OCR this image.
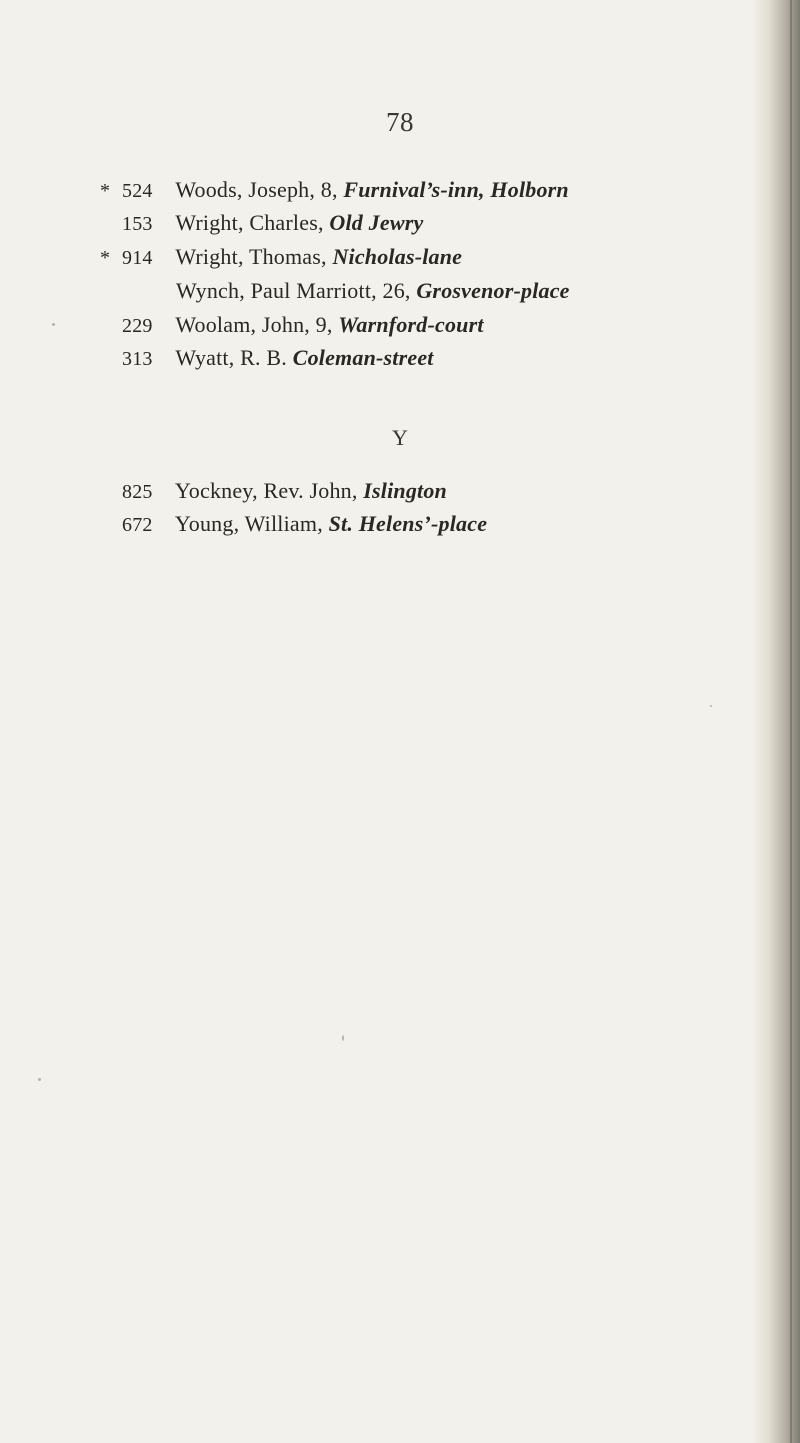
78
* 524 Woods, Joseph, 8, Furnival’s-inn, Holborn
153 Wright, Charles, Old Jewry
* 914 Wright, Thomas, Nicholas-lane
Wynch, Paul Marriott, 26, Grosvenor-place
229 Woolam, John, 9, Warnford-court
313 Wyatt, R. B. Coleman-street
Y
825 Yockney, Rev. John, Islington
672 Young, William, St. Helens’-place
